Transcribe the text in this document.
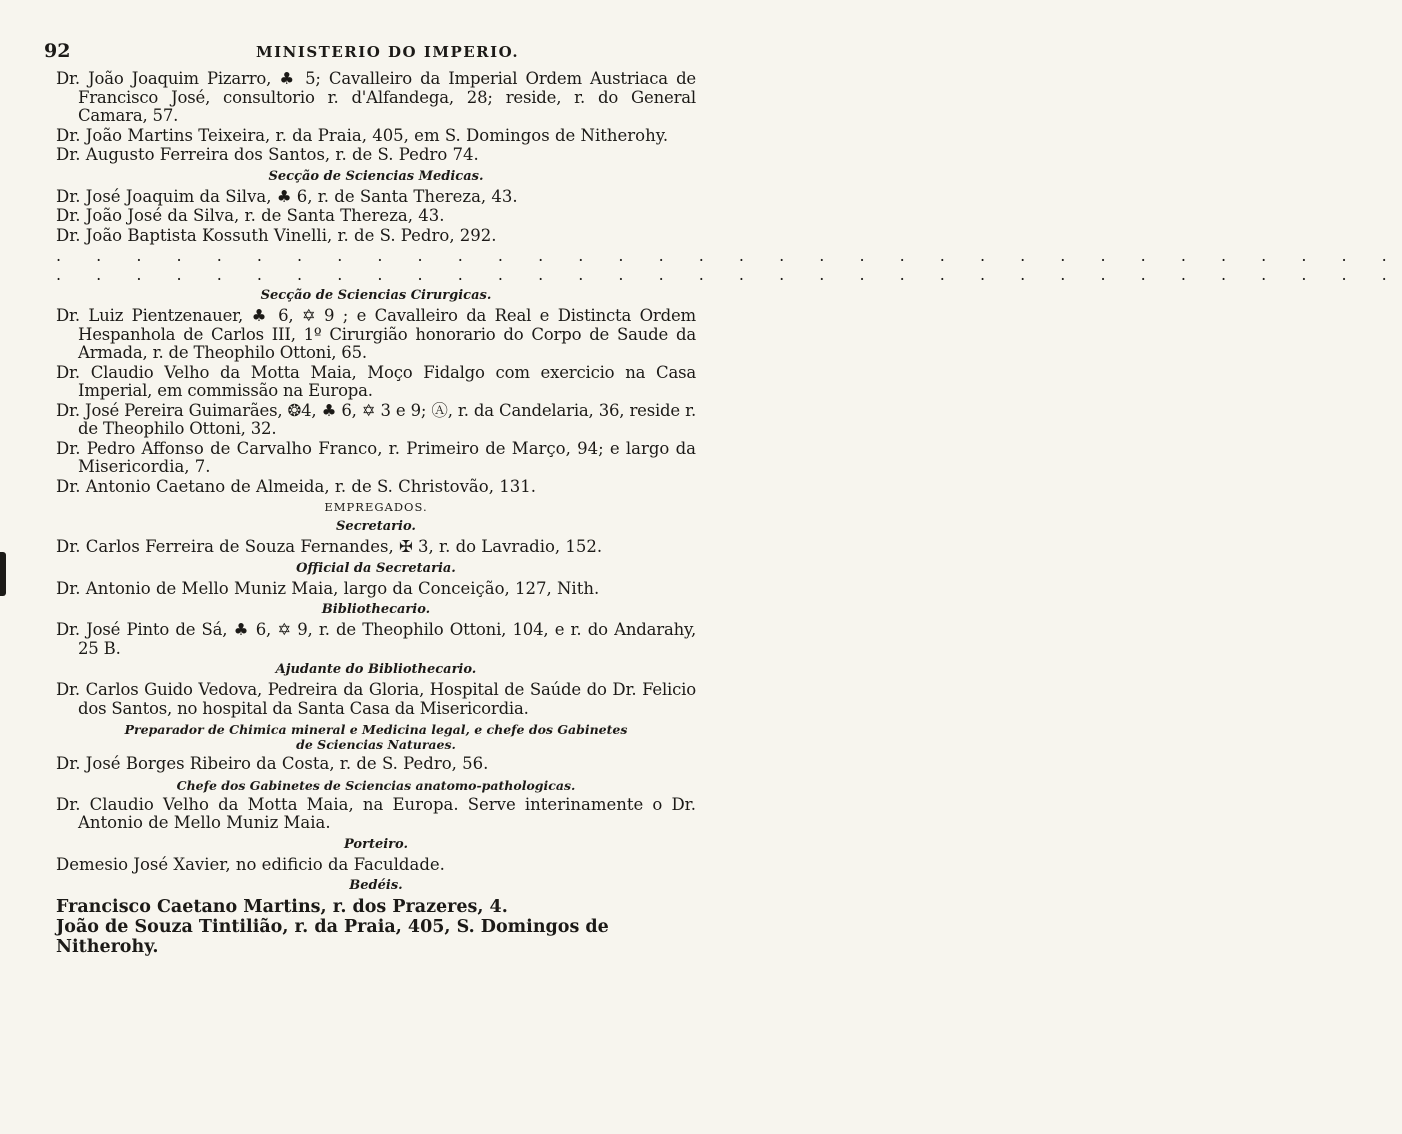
92	MINISTERIO DO IMPERIO.

Dr. João Joaquim Pizarro, ♣ 5; Cavalleiro da Imperial Ordem Austriaca de Francisco José, consultorio r. d'Alfandega, 28; reside, r. do General Camara, 57.

Dr. João Martins Teixeira, r. da Praia, 405, em S. Domingos de Nitherohy.

Dr. Augusto Ferreira dos Santos, r. de S. Pedro 74.

Secção de Sciencias Medicas.

Dr. José Joaquim da Silva, ♣ 6, r. de Santa Thereza, 43.

Dr. João José da Silva, r. de Santa Thereza, 43.

Dr. João Baptista Kossuth Vinelli, r. de S. Pedro, 292.

. . . . . . . . . . . . . . . . . . . . . . . . . . . . . . . . . .

. . . . . . . . . . . . . . . . . . . . . . . . . . . . . . . . . .

Secção de Sciencias Cirurgicas.

Dr. Luiz Pientzenauer, ♣ 6, ✡ 9 ; e Cavalleiro da Real e Distincta Ordem Hespanhola de Carlos III, 1º Cirurgião honorario do Corpo de Saude da Armada, r. de Theophilo Ottoni, 65.

Dr. Claudio Velho da Motta Maia, Moço Fidalgo com exercicio na Casa Imperial, em commissão na Europa.

Dr. José Pereira Guimarães, ❂4, ♣ 6, ✡ 3 e 9; Ⓐ, r. da Candelaria, 36, reside r. de Theophilo Ottoni, 32.

Dr. Pedro Affonso de Carvalho Franco, r. Primeiro de Março, 94; e largo da Misericordia, 7.

Dr. Antonio Caetano de Almeida, r. de S. Christovão, 131.

EMPREGADOS.
Secretario.

Dr. Carlos Ferreira de Souza Fernandes, ✠ 3, r. do Lavradio, 152.

Official da Secretaria.

Dr. Antonio de Mello Muniz Maia, largo da Conceição, 127, Nith.

Bibliothecario.

Dr. José Pinto de Sá, ♣ 6, ✡ 9, r. de Theophilo Ottoni, 104, e r. do Andarahy, 25 B.

Ajudante do Bibliothecario.

Dr. Carlos Guido Vedova, Pedreira da Gloria, Hospital de Saúde do Dr. Felicio dos Santos, no hospital da Santa Casa da Misericordia.

Preparador de Chimica mineral e Medicina legal, e chefe dos Gabinetes
de Sciencias Naturaes.

Dr. José Borges Ribeiro da Costa, r. de S. Pedro, 56.

Chefe dos Gabinetes de Sciencias anatomo-pathologicas.

Dr. Claudio Velho da Motta Maia, na Europa. Serve interinamente o Dr. Antonio de Mello Muniz Maia.

Porteiro.

Demesio José Xavier, no edificio da Faculdade.

Bedéis.

Francisco Caetano Martins, r. dos Prazeres, 4.

João de Souza Tintilião, r. da Praia, 405, S. Domingos de Nitherohy.
